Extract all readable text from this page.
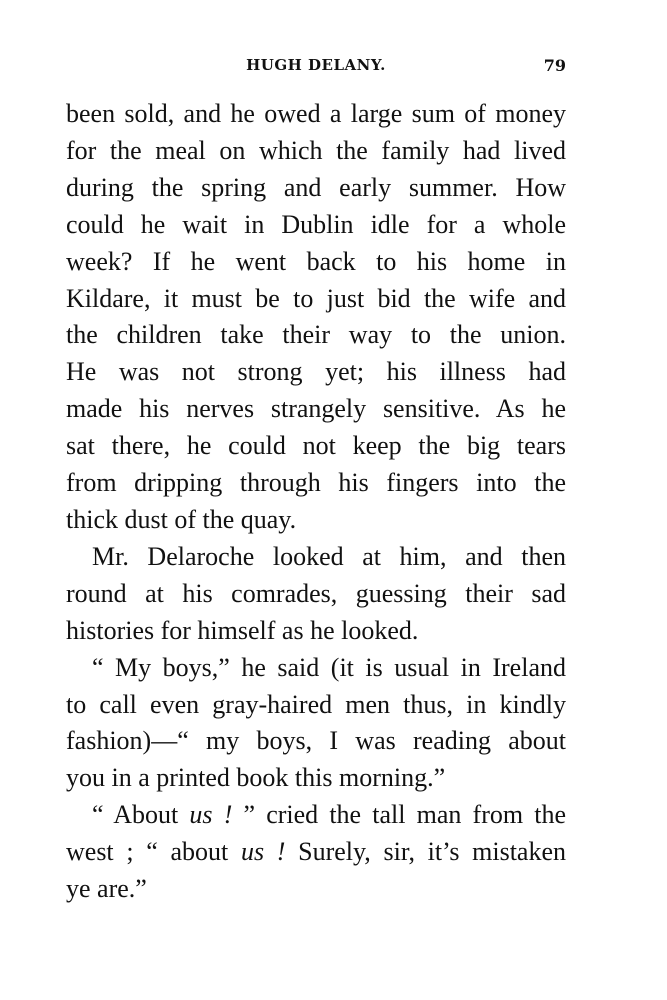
HUGH DELANY.	79

been sold, and he owed a large sum of money
for the meal on which the family had lived
during the spring and early summer. How
could he wait in Dublin idle for a whole
week? If he went back to his home in
Kildare, it must be to just bid the wife and
the children take their way to the union.
He was not strong yet; his illness had
made his nerves strangely sensitive. As he
sat there, he could not keep the big tears
from dripping through his fingers into the
thick dust of the quay.

Mr. Delaroche looked at him, and then
round at his comrades, guessing their sad
histories for himself as he looked.

“ My boys,” he said (it is usual in Ireland
to call even gray-haired men thus, in kindly
fashion)—“ my boys, I was reading about
you in a printed book this morning.”

“ About us ! ” cried the tall man from the
west ; “ about us ! Surely, sir, it’s mistaken
ye are.”
